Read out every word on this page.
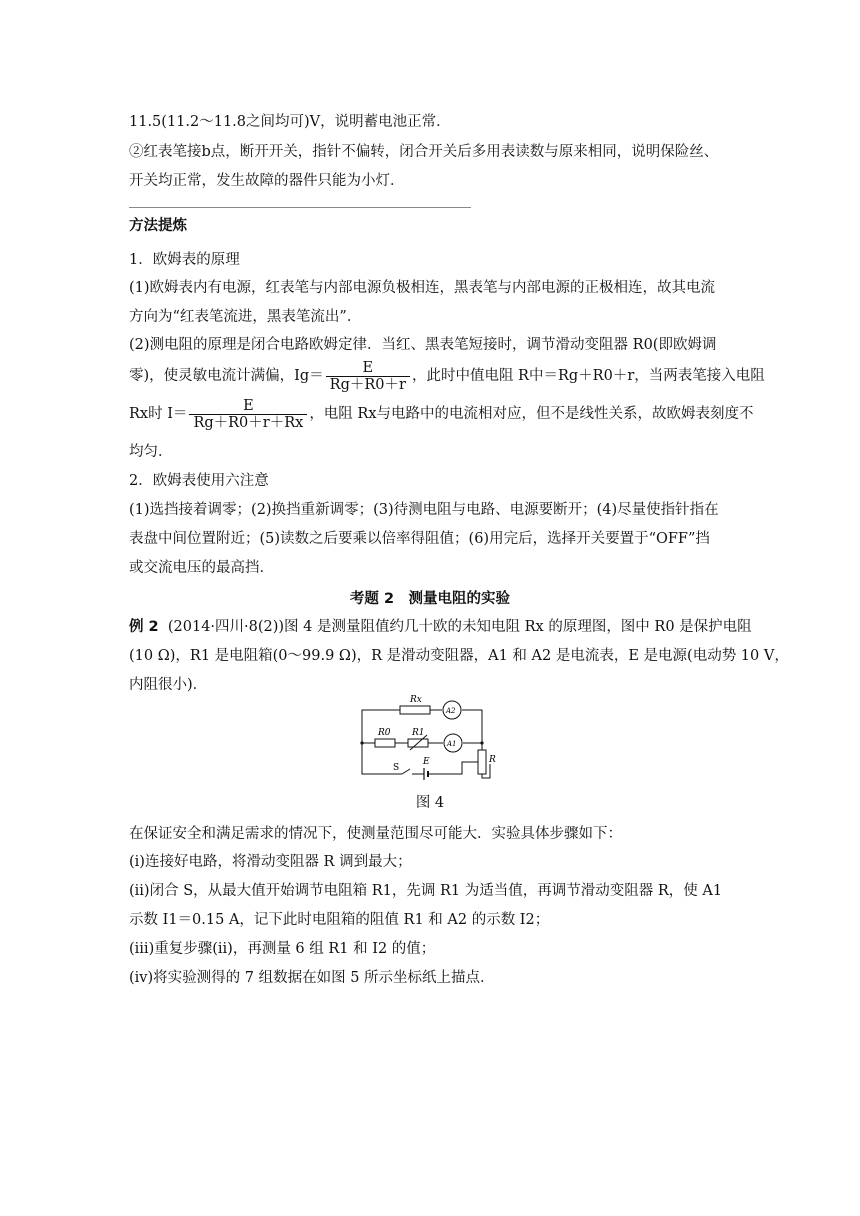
11.5(11.2～11.8之间均可)V，说明蓄电池正常．
②红表笔接b点，断开开关，指针不偏转，闭合开关后多用表读数与原来相同，说明保险丝、
开关均正常，发生故障的器件只能为小灯．
方法提炼
1．欧姆表的原理
(1)欧姆表内有电源，红表笔与内部电源负极相连，黑表笔与内部电源的正极相连，故其电流
方向为“红表笔流进，黑表笔流出”．
(2)测电阻的原理是闭合电路欧姆定律．当红、黑表笔短接时，调节滑动变阻器 R0(即欧姆调
零)，使灵敏电流计满偏，$Ig= \frac{E}{Rg+R0+r}$ ，此时中值电阻 R中＝Rg＋R0＋r，当两表笔接入电阻
Rx时 $I= \frac{E}{Rg+R0+r+Rx}$ ，电阻 Rx与电路中的电流相对应，但不是线性关系，故欧姆表刻度不
均匀．
2．欧姆表使用六注意
(1)选挡接着调零；(2)换挡重新调零；(3)待测电阻与电路、电源要断开；(4)尽量使指针指在
表盘中间位置附近；(5)读数之后要乘以倍率得阻值；(6)用完后，选择开关要置于“OFF”挡
或交流电压的最高挡．
考题 2　测量电阻的实验
例 2 (2014·四川·8(2))图 4 是测量阻值约几十欧的未知电阻 Rx 的原理图，图中 R0 是保护电阻
(10 Ω)，R1 是电阻箱(0～99.9 Ω)，R 是滑动变阻器，A1 和 A2 是电流表，E 是电源(电动势 10 V，
内阻很小)．
Rx
A2
R0 R1
A1
S
E	R
图 4
在保证安全和满足需求的情况下，使测量范围尽可能大．实验具体步骤如下：
(ⅰ)连接好电路，将滑动变阻器 R 调到最大；
(ⅱ)闭合 S，从最大值开始调节电阻箱 R1，先调 R1 为适当值，再调节滑动变阻器 R，使 A1
示数 I1＝0.15 A，记下此时电阻箱的阻值 R1 和 A2 的示数 I2；
(ⅲ)重复步骤(ⅱ)，再测量 6 组 R1 和 I2 的值；
(ⅳ)将实验测得的 7 组数据在如图 5 所示坐标纸上描点．
